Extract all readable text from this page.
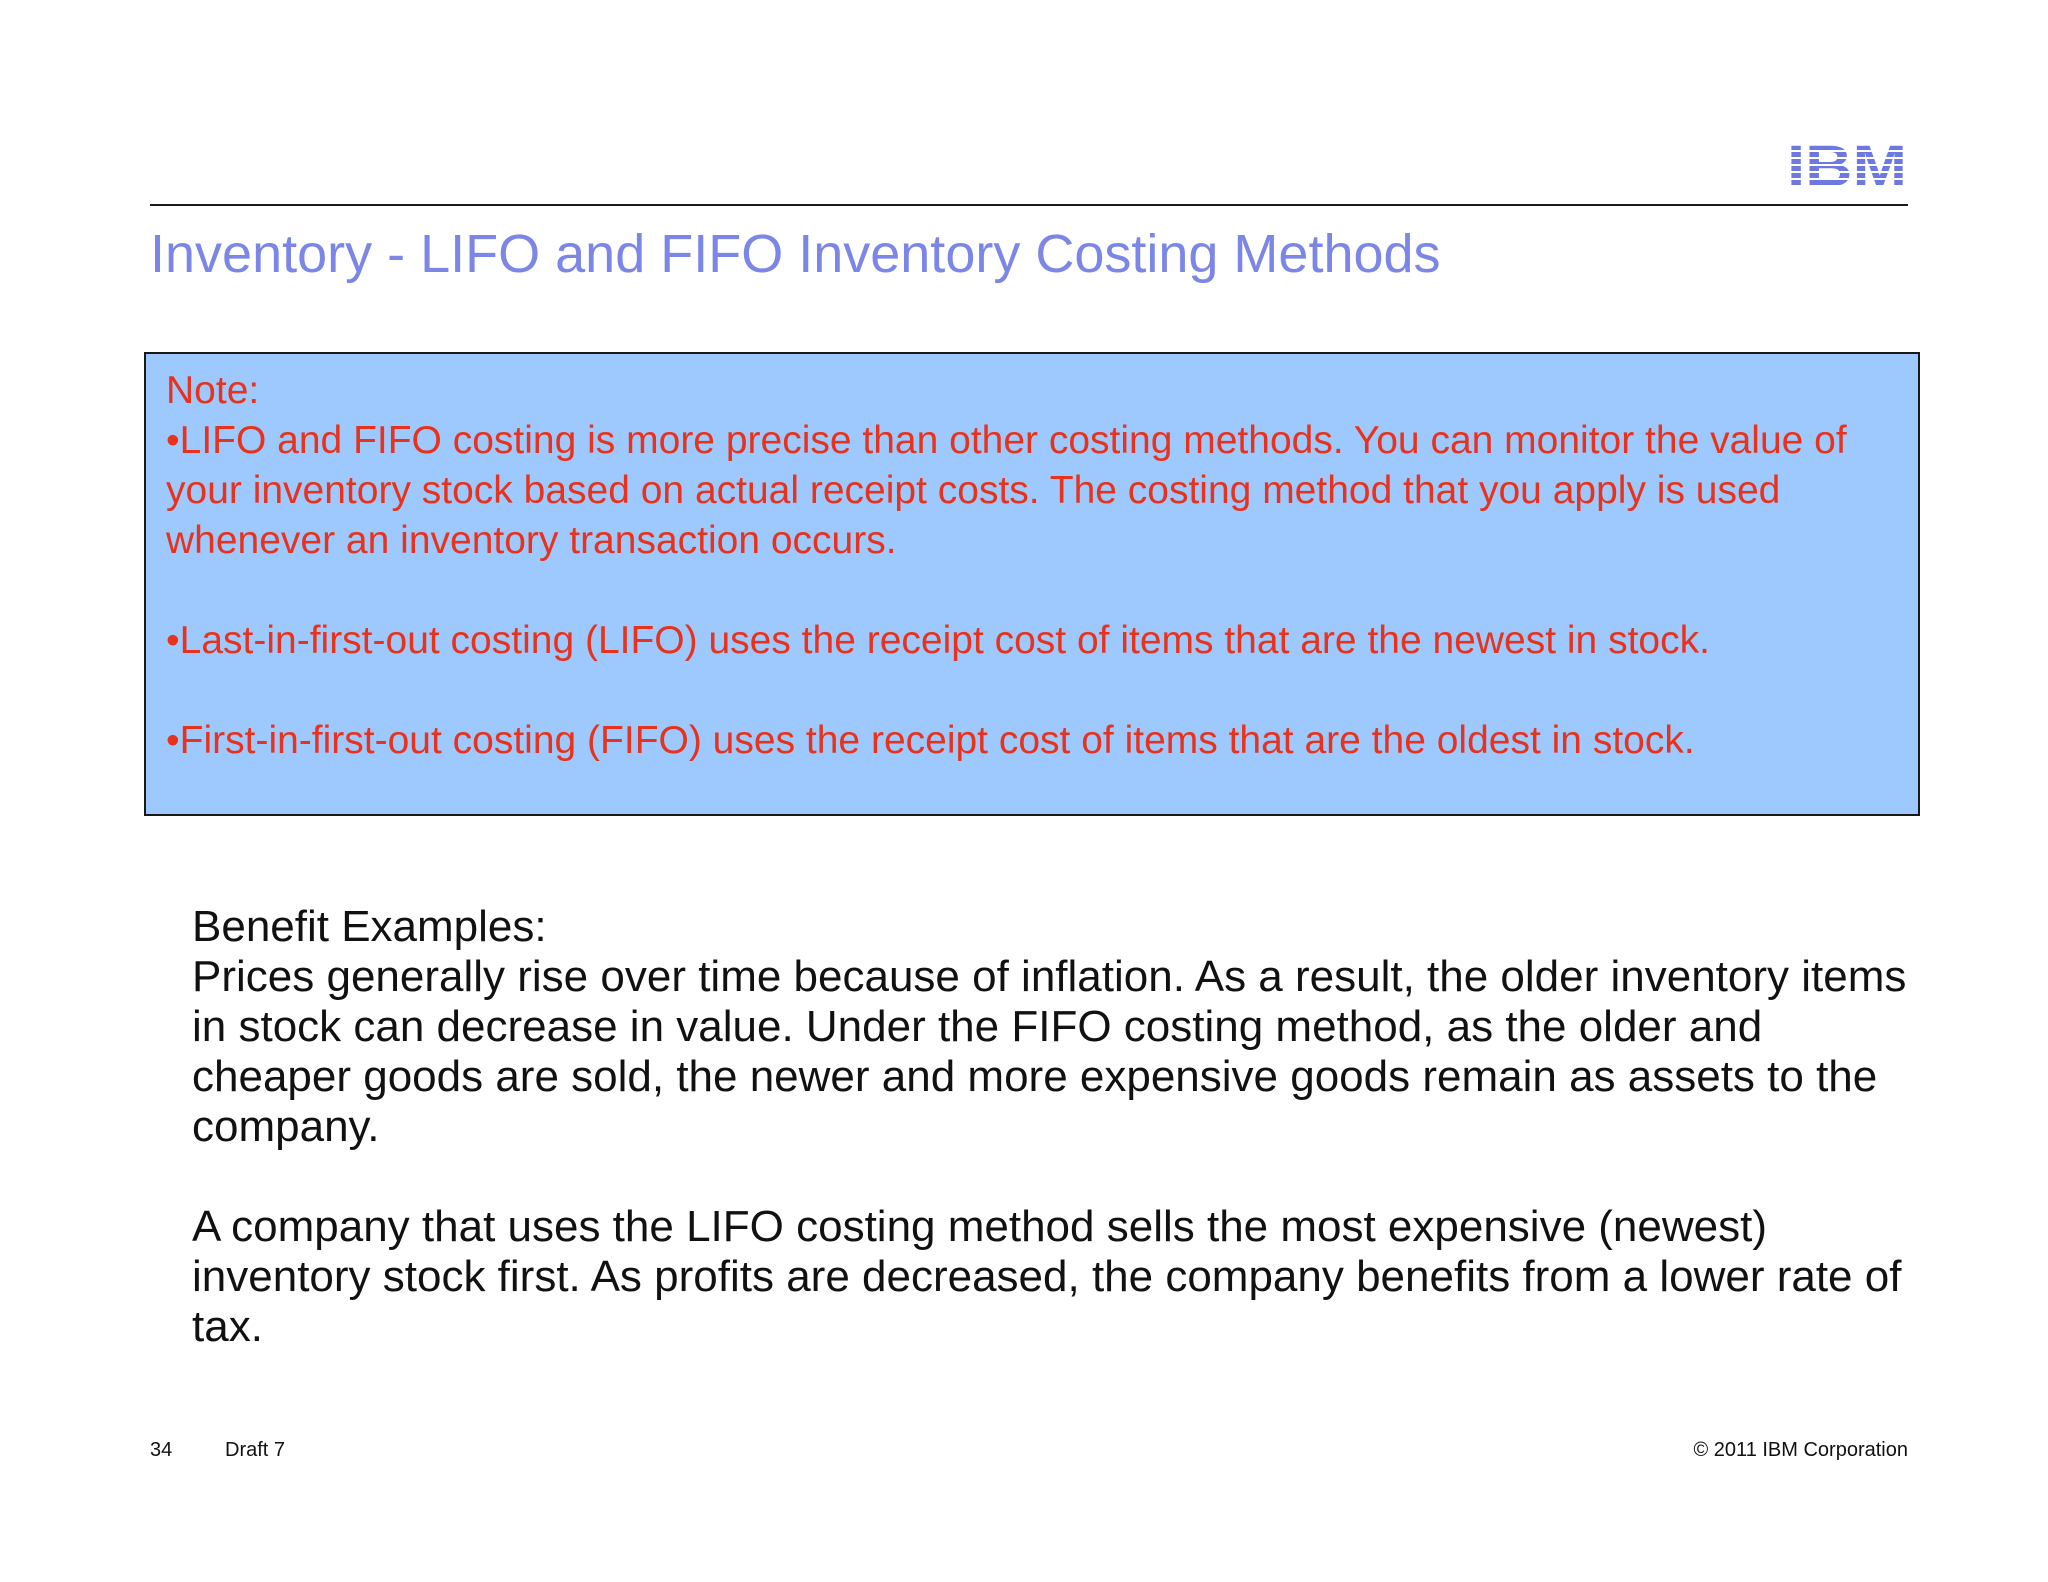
Inventory - LIFO and FIFO Inventory Costing Methods

Note:

•LIFO and FIFO costing is more precise than other costing methods. You can monitor the value of your inventory stock based on actual receipt costs. The costing method that you apply is used whenever an inventory transaction occurs.

•Last-in-first-out costing (LIFO) uses the receipt cost of items that are the newest in stock.

•First-in-first-out costing (FIFO) uses the receipt cost of items that are the oldest in stock.

Benefit Examples:

Prices generally rise over time because of inflation. As a result, the older inventory items in stock can decrease in value. Under the FIFO costing method, as the older and cheaper goods are sold, the newer and more expensive goods remain as assets to the company.

A company that uses the LIFO costing method sells the most expensive (newest) inventory stock first. As profits are decreased, the company benefits from a lower rate of tax.

34	Draft 7	© 2011 IBM Corporation
